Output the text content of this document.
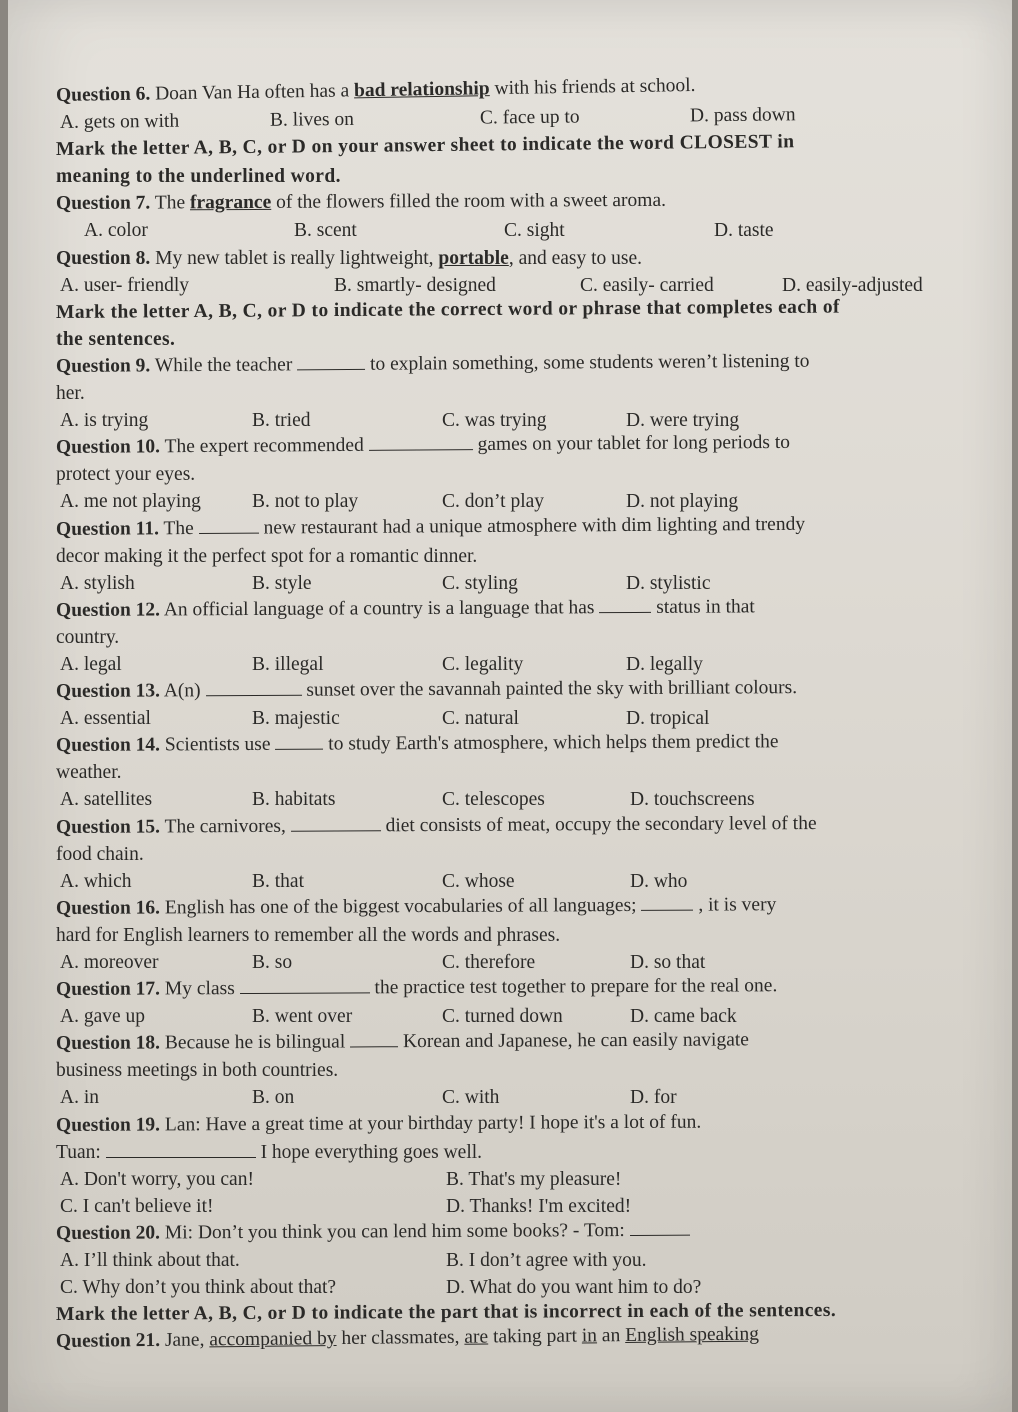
Question 6. Doan Van Ha often has a bad relationship with his friends at school.
A. gets on with	B. lives on	C. face up to	D. pass down
Mark the letter A, B, C, or D on your answer sheet to indicate the word CLOSEST in
meaning to the underlined word.
Question 7. The fragrance of the flowers filled the room with a sweet aroma.
A. color	B. scent	C. sight	D. taste
Question 8. My new tablet is really lightweight, portable, and easy to use.
A. user- friendly	B. smartly- designed	C. easily- carried	D. easily-adjusted
Mark the letter A, B, C, or D to indicate the correct word or phrase that completes each of
the sentences.
Question 9. While the teacher	to explain something, some students weren’t listening to
her.
A. is trying	B. tried	C. was trying	D. were trying
Question 10. The expert recommended	games on your tablet for long periods to
protect your eyes.
A. me not playing	B. not to play	C. don’t play	D. not playing
Question 11. The	new restaurant had a unique atmosphere with dim lighting and trendy
decor making it the perfect spot for a romantic dinner.
A. stylish	B. style	C. styling	D. stylistic
Question 12. An official language of a country is a language that has	status in that
country.
A. legal	B. illegal	C. legality	D. legally
Question 13. A(n)	sunset over the savannah painted the sky with brilliant colours.
A. essential	B. majestic	C. natural	D. tropical
Question 14. Scientists use  to study Earth's atmosphere, which helps them predict the
weather.
A. satellites	B. habitats	C. telescopes	D. touchscreens
Question 15. The carnivores,	diet consists of meat, occupy the secondary level of the
food chain.
A. which	B. that	C. whose	D. who
Question 16. English has one of the biggest vocabularies of all languages;	, it is very
hard for English learners to remember all the words and phrases.
A. moreover	B. so	C. therefore	D. so that
Question 17. My class	the practice test together to prepare for the real one.
A. gave up	B. went over	C. turned down	D. came back
Question 18. Because he is bilingual  Korean and Japanese, he can easily navigate
business meetings in both countries.
A. in	B. on	C. with	D. for
Question 19. Lan: Have a great time at your birthday party! I hope it's a lot of fun.
Tuan:	I hope everything goes well.
A. Don't worry, you can!	B. That's my pleasure!
C. I can't believe it!	D. Thanks! I'm excited!
Question 20. Mi: Don’t you think you can lend him some books? - Tom:
A. I’ll think about that.	B. I don’t agree with you.
C. Why don’t you think about that?	D. What do you want him to do?
Mark the letter A, B, C, or D to indicate the part that is incorrect in each of the sentences.
Question 21. Jane, accompanied by her classmates, are taking part in an English speaking
